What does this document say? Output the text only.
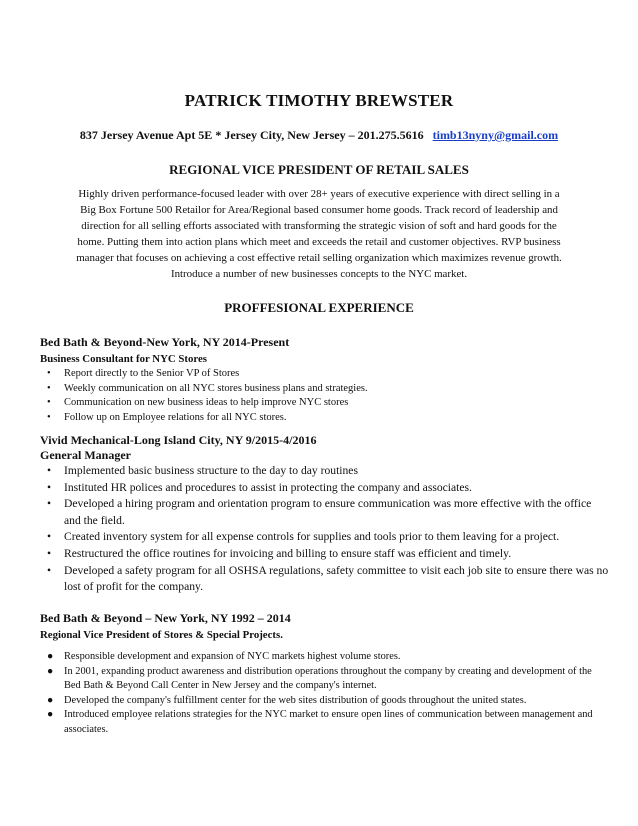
PATRICK TIMOTHY BREWSTER
837 Jersey Avenue Apt 5E * Jersey City, New Jersey – 201.275.5616 timb13nyny@gmail.com
REGIONAL VICE PRESIDENT OF RETAIL SALES
Highly driven performance-focused leader with over 28+ years of executive experience with direct selling in a
Big Box Fortune 500 Retailor for Area/Regional based consumer home goods. Track record of leadership and
direction for all selling efforts associated with transforming the strategic vision of soft and hard goods for the
home. Putting them into action plans which meet and exceeds the retail and customer objectives. RVP business
manager that focuses on achieving a cost effective retail selling organization which maximizes revenue growth.
Introduce a number of new businesses concepts to the NYC market.
PROFFESIONAL EXPERIENCE
Bed Bath & Beyond-New York, NY 2014-Present
Business Consultant for NYC Stores
• Report directly to the Senior VP of Stores
• Weekly communication on all NYC stores business plans and strategies.
• Communication on new business ideas to help improve NYC stores
• Follow up on Employee relations for all NYC stores.
Vivid Mechanical-Long Island City, NY 9/2015-4/2016
General Manager
• Implemented basic business structure to the day to day routines
• Instituted HR polices and procedures to assist in protecting the company and associates.
• Developed a hiring program and orientation program to ensure communication was more effective with the office and the field.
• Created inventory system for all expense controls for supplies and tools prior to them leaving for a project.
• Restructured the office routines for invoicing and billing to ensure staff was efficient and timely.
• Developed a safety program for all OSHSA regulations, safety committee to visit each job site to ensure there was no lost of profit for the company.
Bed Bath & Beyond – New York, NY 1992 – 2014
Regional Vice President of Stores & Special Projects.
● Responsible development and expansion of NYC markets highest volume stores.
● In 2001, expanding product awareness and distribution operations throughout the company by creating and development of the Bed Bath & Beyond Call Center in New Jersey and the company's internet.
● Developed the company's fulfillment center for the web sites distribution of goods throughout the united states.
● Introduced employee relations strategies for the NYC market to ensure open lines of communication between management and associates.
